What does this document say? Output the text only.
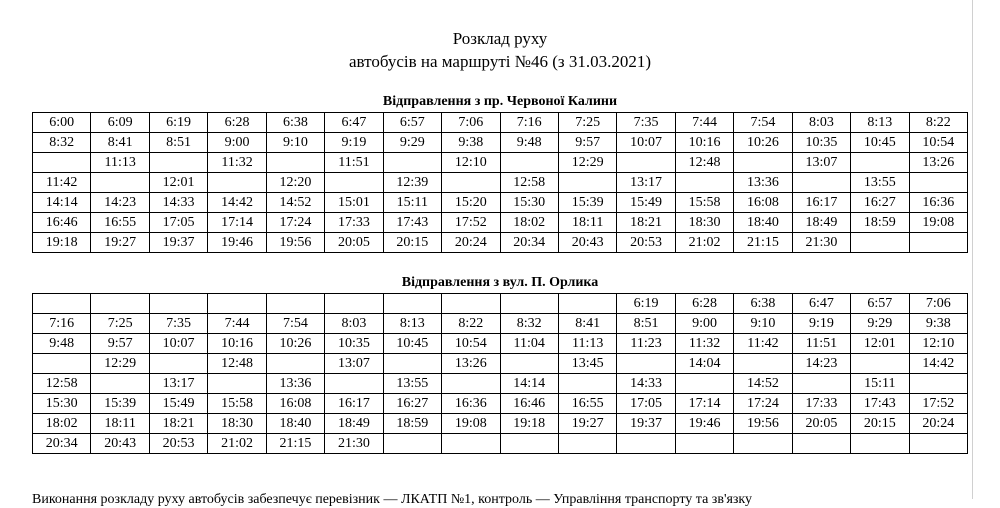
Розклад руху
автобусів на маршруті №46 (з 31.03.2021)
Відправлення з пр. Червоної Калини
6:00	6:09	6:19	6:28	6:38	6:47	6:57	7:06	7:16	7:25	7:35	7:44	7:54	8:03	8:13	8:22
8:32	8:41	8:51	9:00	9:10	9:19	9:29	9:38	9:48	9:57	10:07	10:16	10:26	10:35	10:45	10:54
	11:13		11:32		11:51		12:10		12:29		12:48		13:07		13:26
11:42		12:01		12:20		12:39		12:58		13:17		13:36		13:55	
14:14	14:23	14:33	14:42	14:52	15:01	15:11	15:20	15:30	15:39	15:49	15:58	16:08	16:17	16:27	16:36
16:46	16:55	17:05	17:14	17:24	17:33	17:43	17:52	18:02	18:11	18:21	18:30	18:40	18:49	18:59	19:08
19:18	19:27	19:37	19:46	19:56	20:05	20:15	20:24	20:34	20:43	20:53	21:02	21:15	21:30		
Відправлення з вул. П. Орлика
										6:19	6:28	6:38	6:47	6:57	7:06
7:16	7:25	7:35	7:44	7:54	8:03	8:13	8:22	8:32	8:41	8:51	9:00	9:10	9:19	9:29	9:38
9:48	9:57	10:07	10:16	10:26	10:35	10:45	10:54	11:04	11:13	11:23	11:32	11:42	11:51	12:01	12:10
	12:29		12:48		13:07		13:26		13:45		14:04		14:23		14:42
12:58		13:17		13:36		13:55		14:14		14:33		14:52		15:11	
15:30	15:39	15:49	15:58	16:08	16:17	16:27	16:36	16:46	16:55	17:05	17:14	17:24	17:33	17:43	17:52
18:02	18:11	18:21	18:30	18:40	18:49	18:59	19:08	19:18	19:27	19:37	19:46	19:56	20:05	20:15	20:24
20:34	20:43	20:53	21:02	21:15	21:30										
Виконання розкладу руху автобусів забезпечує перевізник — ЛКАТП №1, контроль — Управління транспорту та зв'язку
